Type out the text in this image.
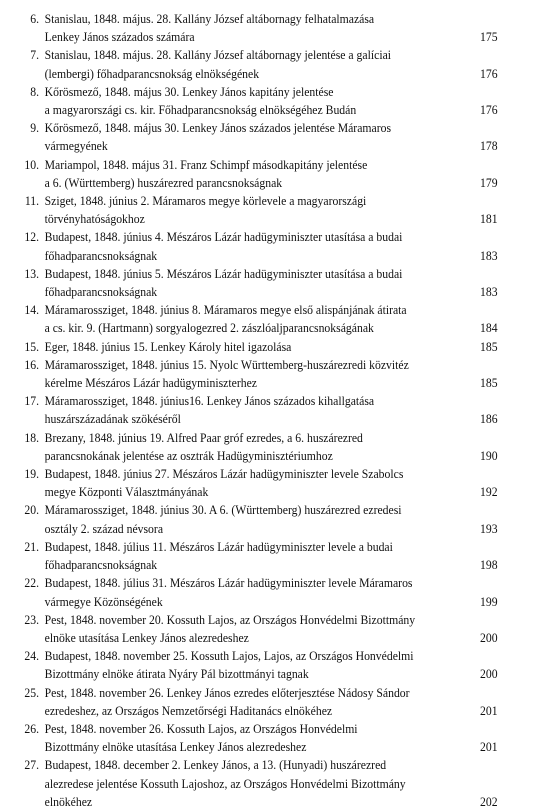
6. Stanislau, 1848. május. 28. Kallány József altábornagy felhatalmazása
Lenkey János százados számára	175
7. Stanislau, 1848. május. 28. Kallány József altábornagy jelentése a galíciai
(lembergi) főhadparancsnokság elnökségének	176
8. Kőrösmező, 1848. május 30. Lenkey János kapitány jelentése
a magyarországi cs. kir. Főhadparancsnokság elnökségéhez Budán	176
9. Kőrösmező, 1848. május 30. Lenkey János százados jelentése Máramaros
vármegyének	178
10. Mariampol, 1848. május 31. Franz Schimpf másodkapitány jelentése
a 6. (Württemberg) huszárezred parancsnokságnak	179
11. Sziget, 1848. június 2. Máramaros megye körlevele a magyarországi
törvényhatóságokhoz	181
12. Budapest, 1848. június 4. Mészáros Lázár hadügyminiszter utasítása a budai
főhadparancsnokságnak	183
13. Budapest, 1848. június 5. Mészáros Lázár hadügyminiszter utasítása a budai
főhadparancsnokságnak	183
14. Máramarossziget, 1848. június 8. Máramaros megye első alispánjának átirata
a cs. kir. 9. (Hartmann) sorgyalogezred 2. zászlóaljparancsnokságának	184
15. Eger, 1848. június 15. Lenkey Károly hitel igazolása	185
16. Máramarossziget, 1848. június 15. Nyolc Württemberg-huszárezredi közvitéz
kérelme Mészáros Lázár hadügyminiszterhez	185
17. Máramarossziget, 1848. június16. Lenkey János százados kihallgatása
huszárszázadának szökéséről	186
18. Brezany, 1848. június 19. Alfred Paar gróf ezredes, a 6. huszárezred
parancsnokának jelentése az osztrák Hadügyminisztériumhoz	190
19. Budapest, 1848. június 27. Mészáros Lázár hadügyminiszter levele Szabolcs
megye Központi Választmányának	192
20. Máramarossziget, 1848. június 30. A 6. (Württemberg) huszárezred ezredesi
osztály 2. század névsora	193
21. Budapest, 1848. július 11. Mészáros Lázár hadügyminiszter levele a budai
főhadparancsnokságnak	198
22. Budapest, 1848. július 31. Mészáros Lázár hadügyminiszter levele Máramaros
vármegye Közönségének	199
23. Pest, 1848. november 20. Kossuth Lajos, az Országos Honvédelmi Bizottmány
elnöke utasítása Lenkey János alezredeshez	200
24. Budapest, 1848. november 25. Kossuth Lajos, Lajos, az Országos Honvédelmi
Bizottmány elnöke átirata Nyáry Pál bizottmányi tagnak	200
25. Pest, 1848. november 26. Lenkey János ezredes előterjesztése Nádosy Sándor
ezredeshez, az Országos Nemzetőrségi Haditanács elnökéhez	201
26. Pest, 1848. november 26. Kossuth Lajos, az Országos Honvédelmi
Bizottmány elnöke utasítása Lenkey János alezredeshez	201
27. Budapest, 1848. december 2. Lenkey János, a 13. (Hunyadi) huszárezred
alezredese jelentése Kossuth Lajoshoz, az Országos Honvédelmi Bizottmány
elnökéhez	202
